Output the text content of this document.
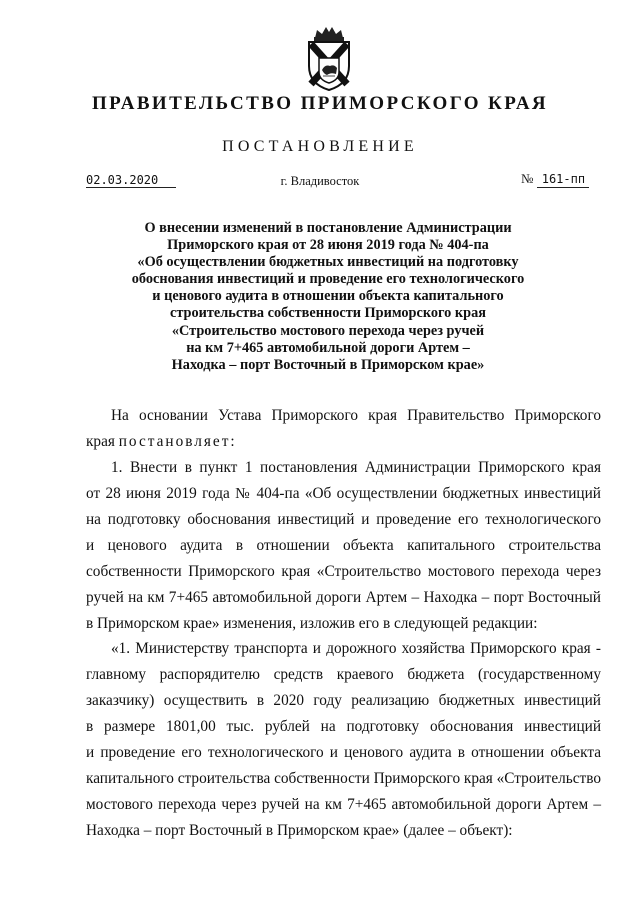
ПРАВИТЕЛЬСТВО ПРИМОРСКОГО КРАЯ
ПОСТАНОВЛЕНИЕ
02.03.2020	г. Владивосток	№ 161-пп
О внесении изменений в постановление Администрации
Приморского края от 28 июня 2019 года № 404-па
«Об осуществлении бюджетных инвестиций на подготовку
обоснования инвестиций и проведение его технологического
и ценового аудита в отношении объекта капитального
строительства собственности Приморского края
«Строительство мостового перехода через ручей
на км 7+465 автомобильной дороги Артем –
Находка – порт Восточный в Приморском крае»
На основании Устава Приморского края Правительство Приморского
края постановляет:
1. Внести в пункт 1 постановления Администрации Приморского края
от 28 июня 2019 года № 404-па «Об осуществлении бюджетных инвестиций
на подготовку обоснования инвестиций и проведение его технологического
и ценового аудита в отношении объекта капитального строительства
собственности Приморского края «Строительство мостового перехода через
ручей на км 7+465 автомобильной дороги Артем – Находка – порт Восточный
в Приморском крае» изменения, изложив его в следующей редакции:
«1. Министерству транспорта и дорожного хозяйства Приморского края -
главному распорядителю средств краевого бюджета (государственному
заказчику) осуществить в 2020 году реализацию бюджетных инвестиций
в размере 1801,00 тыс. рублей на подготовку обоснования инвестиций
и проведение его технологического и ценового аудита в отношении объекта
капитального строительства собственности Приморского края «Строительство
мостового перехода через ручей на км 7+465 автомобильной дороги Артем –
Находка – порт Восточный в Приморском крае» (далее – объект):
